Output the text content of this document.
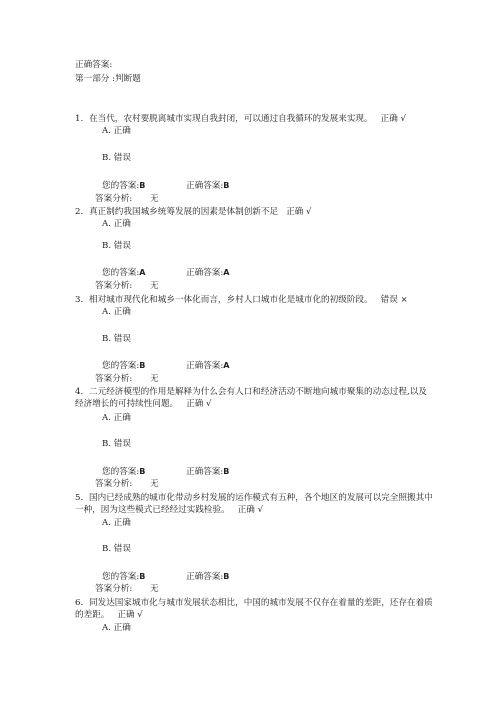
正确答案:
第一部分 :判断题
1. 在当代，农村要脱离城市实现自我封闭，可以通过自我循环的发展来实现。 正确 √
A. 正确
B. 错误
您的答案:B	正确答案:B
答案分析: 无
2. 真正制约我国城乡统筹发展的因素是体制创新不足 正确 √
A. 正确
B. 错误
您的答案:A	正确答案:A
答案分析: 无
3. 相对城市现代化和城乡一体化而言，乡村人口城市化是城市化的初级阶段。 错误 ×
A. 正确
B. 错误
您的答案:B	正确答案:A
答案分析: 无
4. 二元经济模型的作用是解释为什么会有人口和经济活动不断地向城市聚集的动态过程,以及经济增长的可持续性问题。 正确 √
A. 正确
B. 错误
您的答案:B	正确答案:B
答案分析: 无
5. 国内已经成熟的城市化带动乡村发展的运作模式有五种，各个地区的发展可以完全照搬其中一种，因为这些模式已经经过实践检验。 正确 √
A. 正确
B. 错误
您的答案:B	正确答案:B
答案分析: 无
6. 同发达国家城市化与城市发展状态相比，中国的城市发展不仅存在着量的差距，还存在着质的差距。 正确 √
A. 正确
